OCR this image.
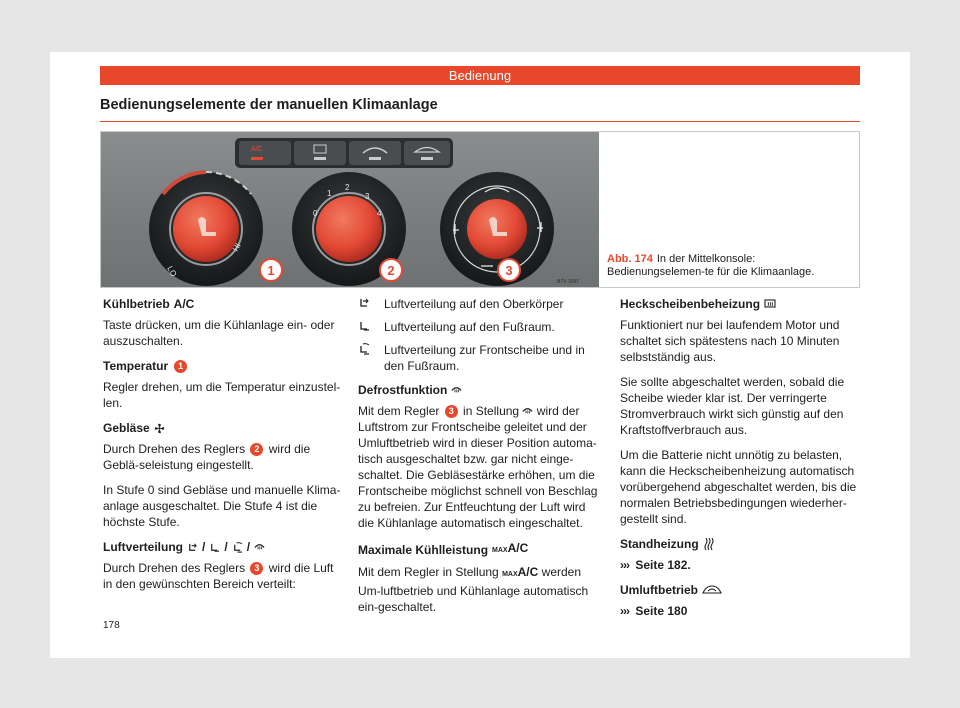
Bedienung
Bedienungselemente der manuellen Klimaanlage
A/C
LO
HI
0
1
2
3
4
1	2	3
B7V-1097
Abb. 174 In der Mittelkonsole: Bedienungselemen-te für die Klimaanlage.
Kühlbetrieb A/C

Taste drücken, um die Kühlanlage ein- oder auszuschalten.

Temperatur	1

Regler drehen, um die Temperatur einzustel-len.

Gebläse

Durch Drehen des Reglers 2 wird die Geblä-seleistung eingestellt.

In Stufe 0 sind Gebläse und manuelle Klima-anlage ausgeschaltet. Die Stufe 4 ist die höchste Stufe.

Luftverteilung / / /

Durch Drehen des Reglers 3 wird die Luft in den gewünschten Bereich verteilt:

Luftverteilung auf den Oberkörper
Luftverteilung auf den Fußraum.
Luftverteilung zur Frontscheibe und in den Fußraum.
Defrostfunktion

Mit dem Regler 3 in Stellung wird der Luftstrom zur Frontscheibe geleitet und der Umluftbetrieb wird in dieser Position automa-tisch ausgeschaltet bzw. gar nicht einge-schaltet. Die Gebläsestärke erhöhen, um die Frontscheibe möglichst schnell von Beschlag zu befreien. Zur Entfeuchtung der Luft wird die Kühlanlage automatisch eingeschaltet.

Maximale Kühlleistung MAXA/C

Mit dem Regler in Stellung MAXA/C werden Um-luftbetrieb und Kühlanlage automatisch ein-geschaltet.

Heckscheibenbeheizung

Funktioniert nur bei laufendem Motor und schaltet sich spätestens nach 10 Minuten selbstständig aus.

Sie sollte abgeschaltet werden, sobald die Scheibe wieder klar ist. Der verringerte Stromverbrauch wirkt sich günstig auf den Kraftstoffverbrauch aus.

Um die Batterie nicht unnötig zu belasten, kann die Heckscheibenheizung automatisch vorübergehend abgeschaltet werden, bis die normalen Betriebsbedingungen wiederher-gestellt sind.

Standheizung

››› Seite 182.

Umluftbetrieb

››› Seite 180

178
